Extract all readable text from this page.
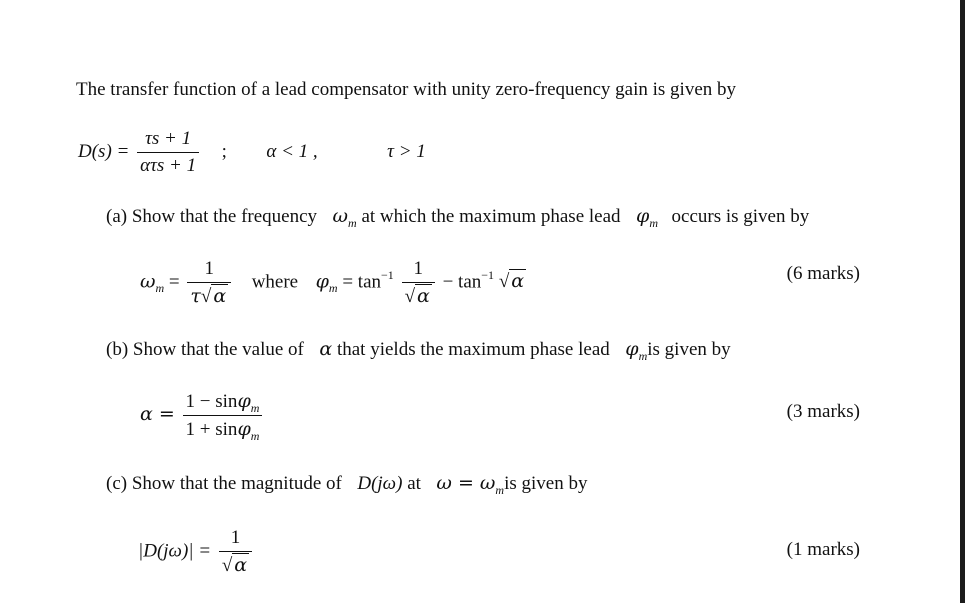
The transfer function of a lead compensator with unity zero-frequency gain is given by
$D(s) = \frac{\tau s + 1}{\text{ατs + 1}}$ ; α < 1 ,	τ > 1
(a) Show that the frequency $\omega_m$ at which the maximum phase lead $\varphi_m$ occurs is given by
$\omega_m = \frac{1}{\tau√ \alpha}$ where $\varphi_m = \tan^{-1} \frac{1}{√ \alpha} - \tan^{-1}$ √ α	(6 marks)
(b) Show that the value of α that yields the maximum phase lead $\varphi_mis$ given by
$\alpha = \frac{1 - \sin\varphi_m}{1 + \sin\varphi_m}$	(3 marks)
(c) Show that the magnitude of D(jω) at $\omega = \omega_mis$ given by
$|D(j\omega)| = \frac{1}{√ \alpha}$	(1 marks)
